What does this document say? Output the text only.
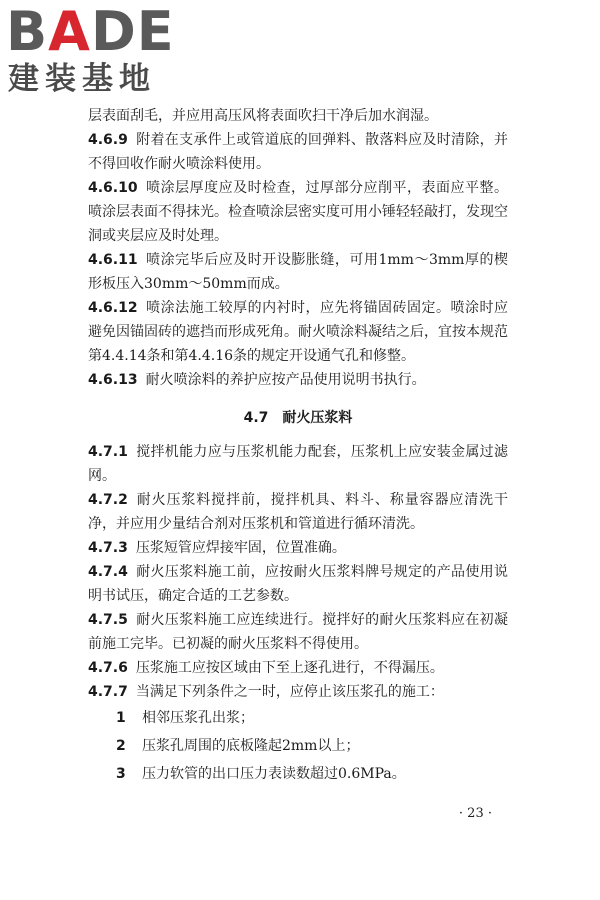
BADE
建装基地

层表面刮毛，并应用高压风将表面吹扫干净后加水润湿。

4.6.9 附着在支承件上或管道底的回弹料、散落料应及时清除，并不得回收作耐火喷涂料使用。

4.6.10 喷涂层厚度应及时检查，过厚部分应削平，表面应平整。喷涂层表面不得抹光。检查喷涂层密实度可用小锤轻轻敲打，发现空洞或夹层应及时处理。

4.6.11 喷涂完毕后应及时开设膨胀缝，可用1mm～3mm厚的楔形板压入30mm～50mm而成。

4.6.12 喷涂法施工较厚的内衬时，应先将锚固砖固定。喷涂时应避免因锚固砖的遮挡而形成死角。耐火喷涂料凝结之后，宜按本规范第4.4.14条和第4.4.16条的规定开设通气孔和修整。

4.6.13 耐火喷涂料的养护应按产品使用说明书执行。

4.7　耐火压浆料

4.7.1 搅拌机能力应与压浆机能力配套，压浆机上应安装金属过滤网。

4.7.2 耐火压浆料搅拌前，搅拌机具、料斗、称量容器应清洗干净，并应用少量结合剂对压浆机和管道进行循环清洗。

4.7.3 压浆短管应焊接牢固，位置准确。

4.7.4 耐火压浆料施工前，应按耐火压浆料牌号规定的产品使用说明书试压，确定合适的工艺参数。

4.7.5 耐火压浆料施工应连续进行。搅拌好的耐火压浆料应在初凝前施工完毕。已初凝的耐火压浆料不得使用。

4.7.6 压浆施工应按区域由下至上逐孔进行，不得漏压。

4.7.7 当满足下列条件之一时，应停止该压浆孔的施工：

1 相邻压浆孔出浆；

2 压浆孔周围的底板隆起2mm以上；

3 压力软管的出口压力表读数超过0.6MPa。

· 23 ·
